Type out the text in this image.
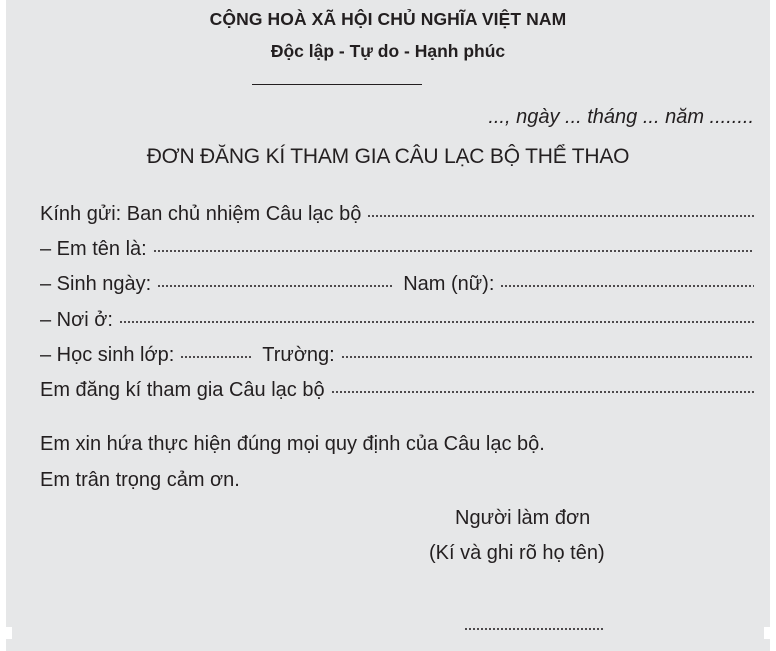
CỘNG HOÀ XÃ HỘI CHỦ NGHĨA VIỆT NAM
Độc lập - Tự do - Hạnh phúc
..., ngày ... tháng ... năm ........
ĐƠN ĐĂNG KÍ THAM GIA CÂU LẠC BỘ THỂ THAO
Kính gửi: Ban chủ nhiệm Câu lạc bộ
– Em tên là:
– Sinh ngày:	Nam (nữ):
– Nơi ở:
– Học sinh lớp:	Trường:
Em đăng kí tham gia Câu lạc bộ
Em xin hứa thực hiện đúng mọi quy định của Câu lạc bộ.
Em trân trọng cảm ơn.
Người làm đơn
(Kí và ghi rõ họ tên)
